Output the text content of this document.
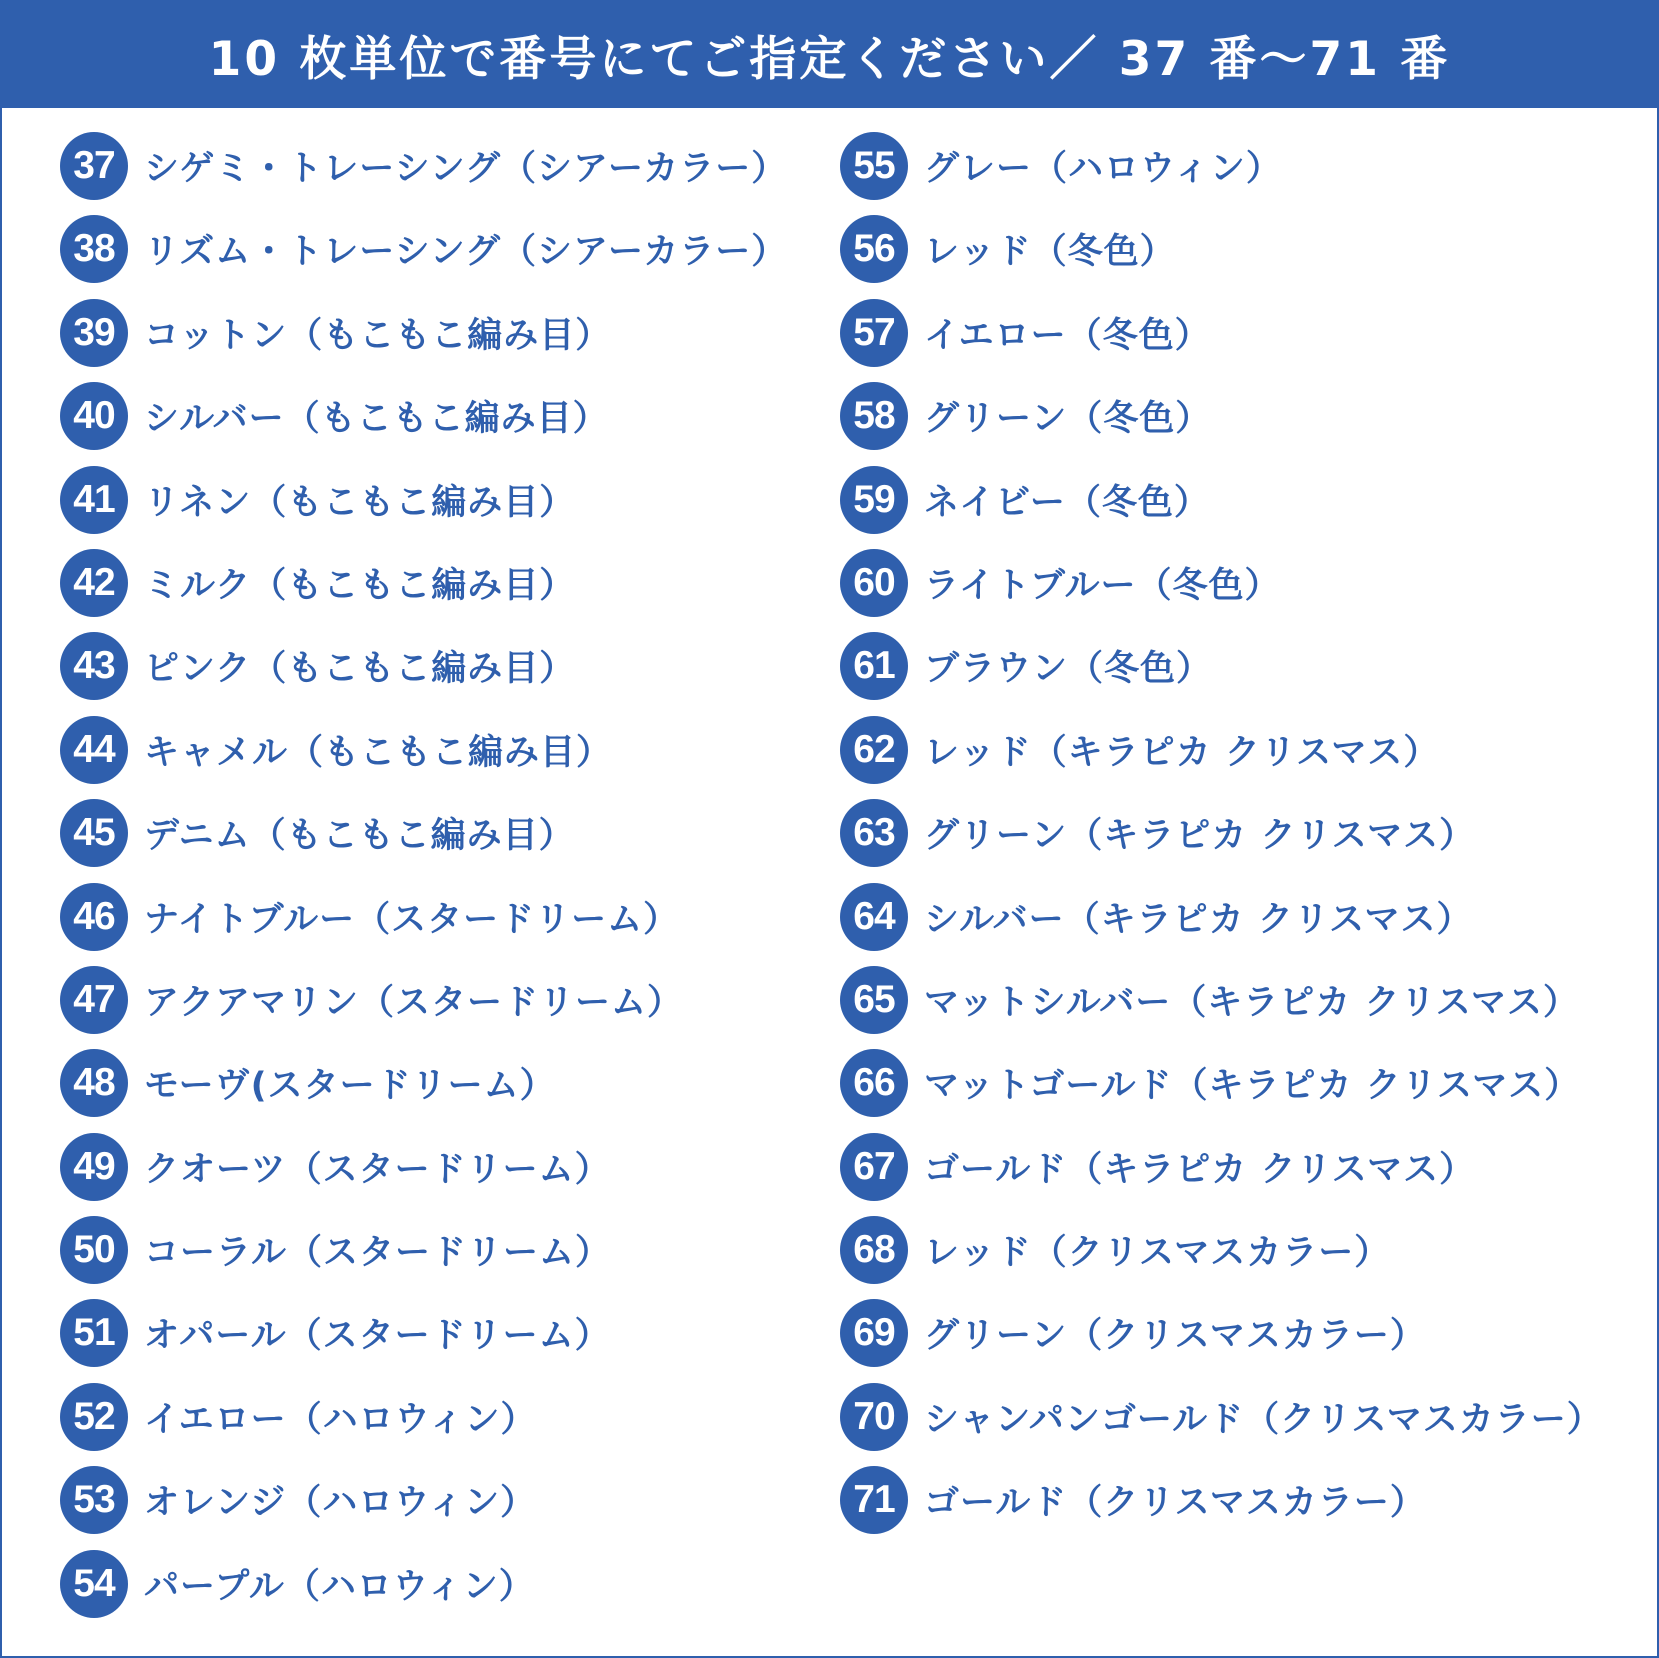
10 枚単位で番号にてご指定ください／ 37 番～71 番
37 シゲミ・トレーシング（シアーカラー）
38 リズム・トレーシング（シアーカラー）
39 コットン（もこもこ編み目）
40 シルバー（もこもこ編み目）
41 リネン（もこもこ編み目）
42 ミルク（もこもこ編み目）
43 ピンク（もこもこ編み目）
44 キャメル（もこもこ編み目）
45 デニム（もこもこ編み目）
46 ナイトブルー（スタードリーム）
47 アクアマリン（スタードリーム）
48 モーヴ(スタードリーム）
49 クオーツ（スタードリーム）
50 コーラル（スタードリーム）
51 オパール（スタードリーム）
52 イエロー（ハロウィン）
53 オレンジ（ハロウィン）
54 パープル（ハロウィン）
55 グレー（ハロウィン）
56 レッド（冬色）
57 イエロー（冬色）
58 グリーン（冬色）
59 ネイビー（冬色）
60 ライトブルー（冬色）
61 ブラウン（冬色）
62 レッド（キラピカ クリスマス）
63 グリーン（キラピカ クリスマス）
64 シルバー（キラピカ クリスマス）
65 マットシルバー（キラピカ クリスマス）
66 マットゴールド（キラピカ クリスマス）
67 ゴールド（キラピカ クリスマス）
68 レッド（クリスマスカラー）
69 グリーン（クリスマスカラー）
70 シャンパンゴールド（クリスマスカラー）
71 ゴールド（クリスマスカラー）
